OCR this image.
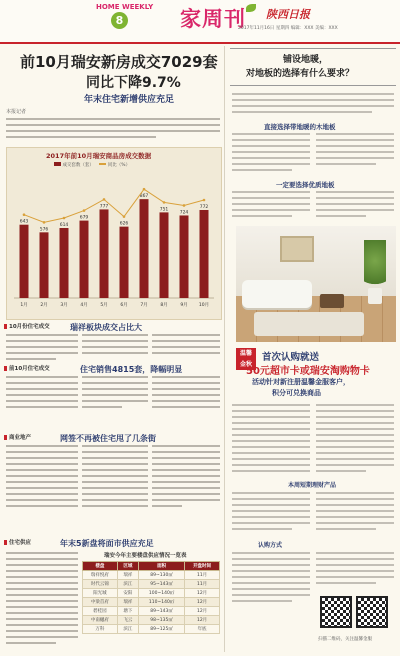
HOME WEEKLY
8	家周刊 陕西日报
2017年11月16日 星期四 编辑：XXX 美编：XXX
前10月瑞安新房成交7029套
同比下降9.7%
年末住宅新增供应充足
本报记者
2017年前10月瑞安商品房成交数据
成交套数（套）	同比（%）
643
1月
576
2月
614
3月
679
4月
777
5月
626
6月
867
7月
751
8月
724
9月
772
10月
10月份住宅成交	瑞祥板块成交占比大
前10月住宅成交	住宅销售4815套，降幅明显
商业地产	网签不再被住宅甩了几条街
住宅供应	年末5新盘将面市供应充足
瑞安今年主要楼盘供应情况一览表
楼盘	区域	面积	开盘时间
瑞祥悦府	瑞祥	89~130㎡	11月
时代云锦	滨江	95~143㎡	11月
阳光城	安阳	100~140㎡	12月
中梁首府	瑞祥	110~140㎡	12月
碧桂园	塘下	89~143㎡	12月
中南樾府	飞云	98~135㎡	12月
万科	滨江	89~125㎡	年底
铺设地暖，
对地板的选择有什么要求？
直接选择带地暖的木地板
一定要选择优质地板
温馨
金秋
首次认购就送
50元超市卡或瑞安淘购物卡
活动针对新注册温馨金服客户，
积分可兑换商品
本周短期理财产品
认购方式
扫描二维码，关注温馨金服
